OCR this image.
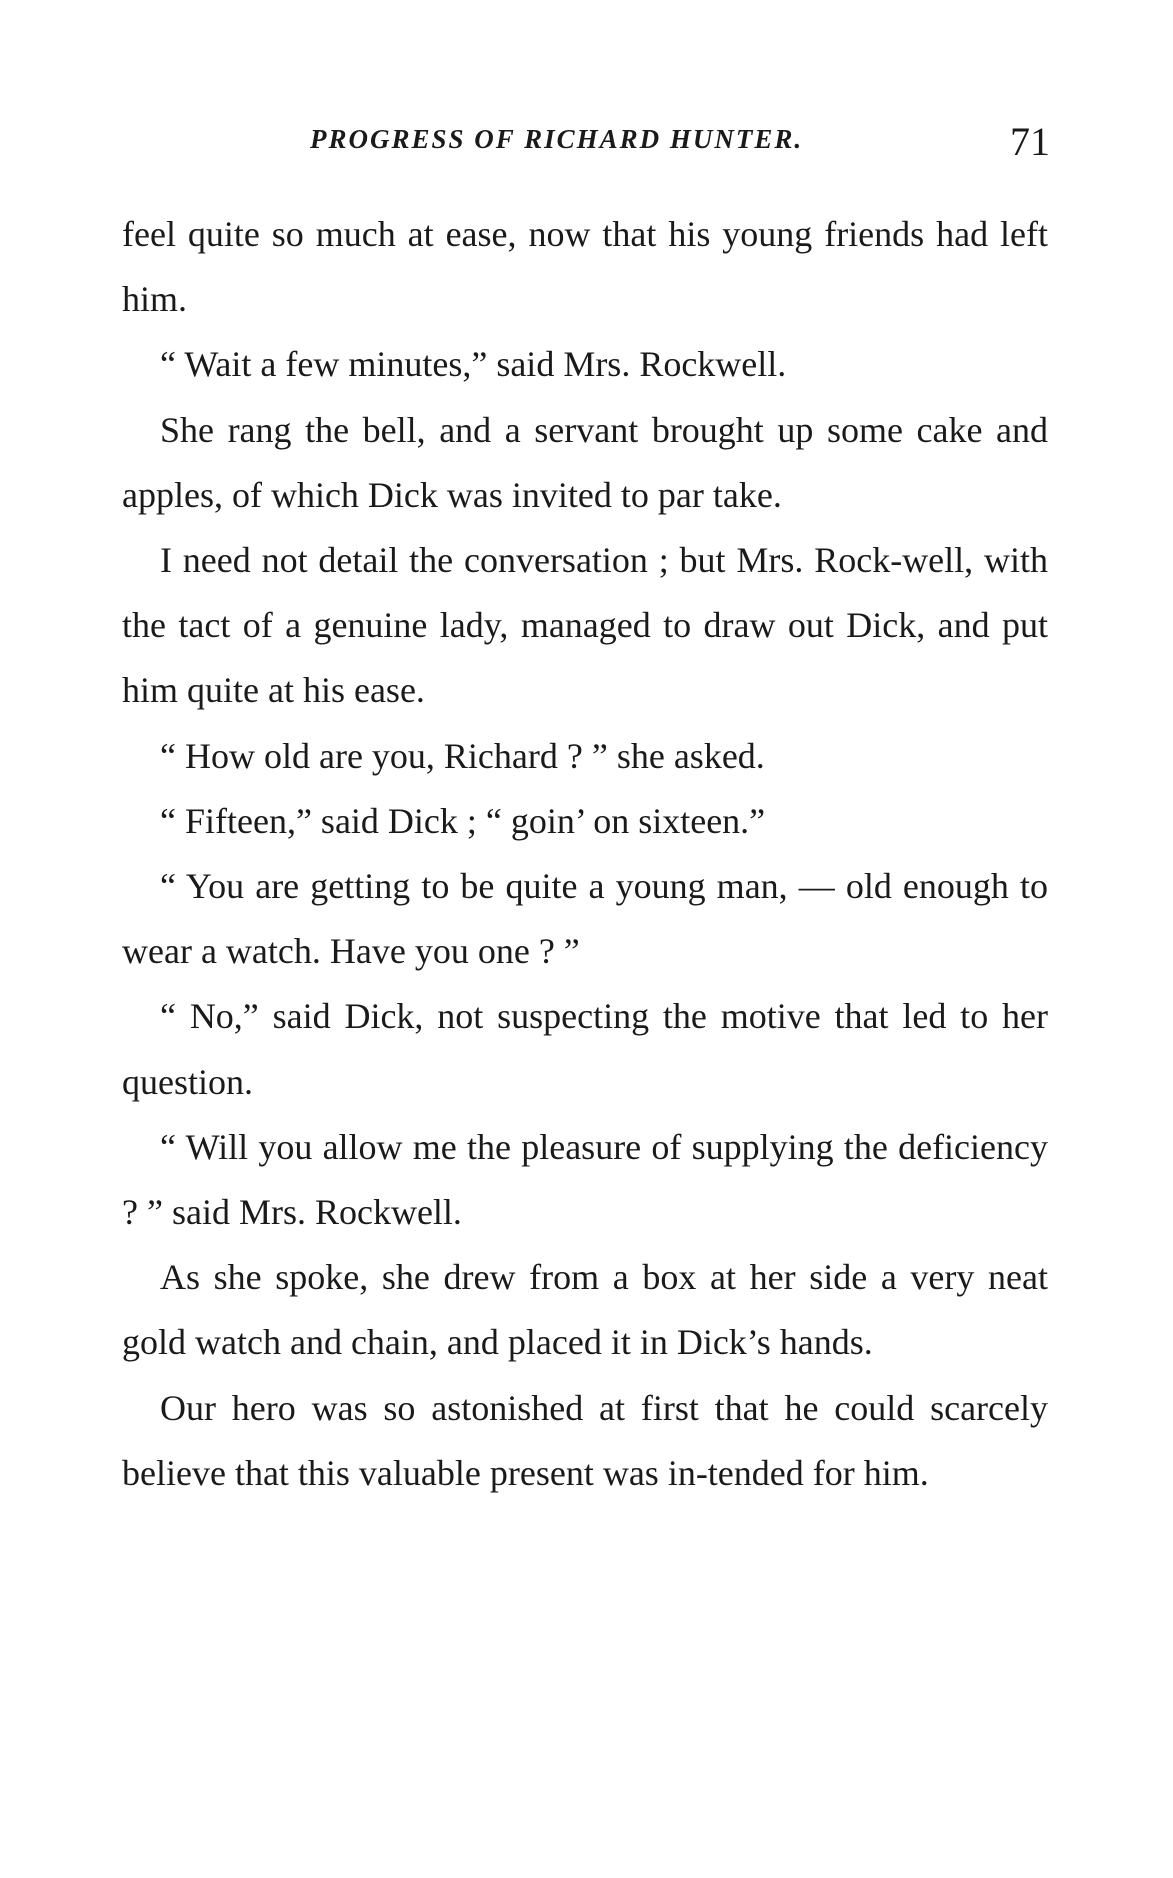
PROGRESS OF RICHARD HUNTER.	71

feel quite so much at ease, now that his young friends had left him.

“ Wait a few minutes,” said Mrs. Rockwell.

She rang the bell, and a servant brought up some cake and apples, of which Dick was invited to par take.

I need not detail the conversation ; but Mrs. Rock-well, with the tact of a genuine lady, managed to draw out Dick, and put him quite at his ease.

“ How old are you, Richard ? ” she asked.

“ Fifteen,” said Dick ; “ goin’ on sixteen.”

“ You are getting to be quite a young man, — old enough to wear a watch. Have you one ? ”

“ No,” said Dick, not suspecting the motive that led to her question.

“ Will you allow me the pleasure of supplying the deficiency ? ” said Mrs. Rockwell.

As she spoke, she drew from a box at her side a very neat gold watch and chain, and placed it in Dick’s hands.

Our hero was so astonished at first that he could scarcely believe that this valuable present was in-tended for him.
